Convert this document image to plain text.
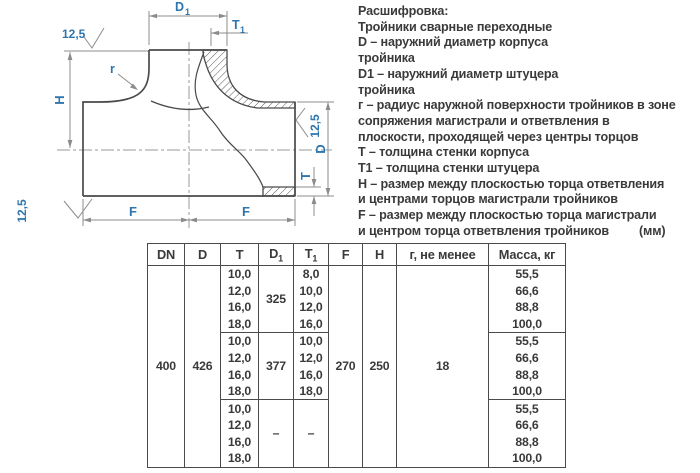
D 1
T 1
12,5
r
H
12,5
D
T
F	F
12,5
Расшифровка:
Тройники сварные переходные
D – наружний диаметр корпуса
тройника
D1 – наружний диаметр штуцера
тройника
г – радиус наружной поверхности тройников в зоне
сопряжения магистрали и ответвления в
плоскости, проходящей через центры торцов
Т – толщина стенки корпуса
Т1 – толщина стенки штуцера
Н – размер между плоскостью торца ответвления
и центрами торцов магистрали тройников
F – размер между плоскостью торца магистрали
и центром торца ответвления тройников (мм)
DN	D	T	$D_1$	$T_1$	F	H	г, не менее	Масса, кг
400	426	10,0	325	8,0	270	250	18	55,5
		12,0		10,0				66,6
		16,0		12,0				88,8
		18,0		16,0				100,0
		10,0	377	10,0				55,5
		12,0		12,0				66,6
		16,0		16,0				88,8
		18,0		18,0				100,0
		10,0	–	–				55,5
		12,0						66,6
		16,0						88,8
		18,0						100,0
